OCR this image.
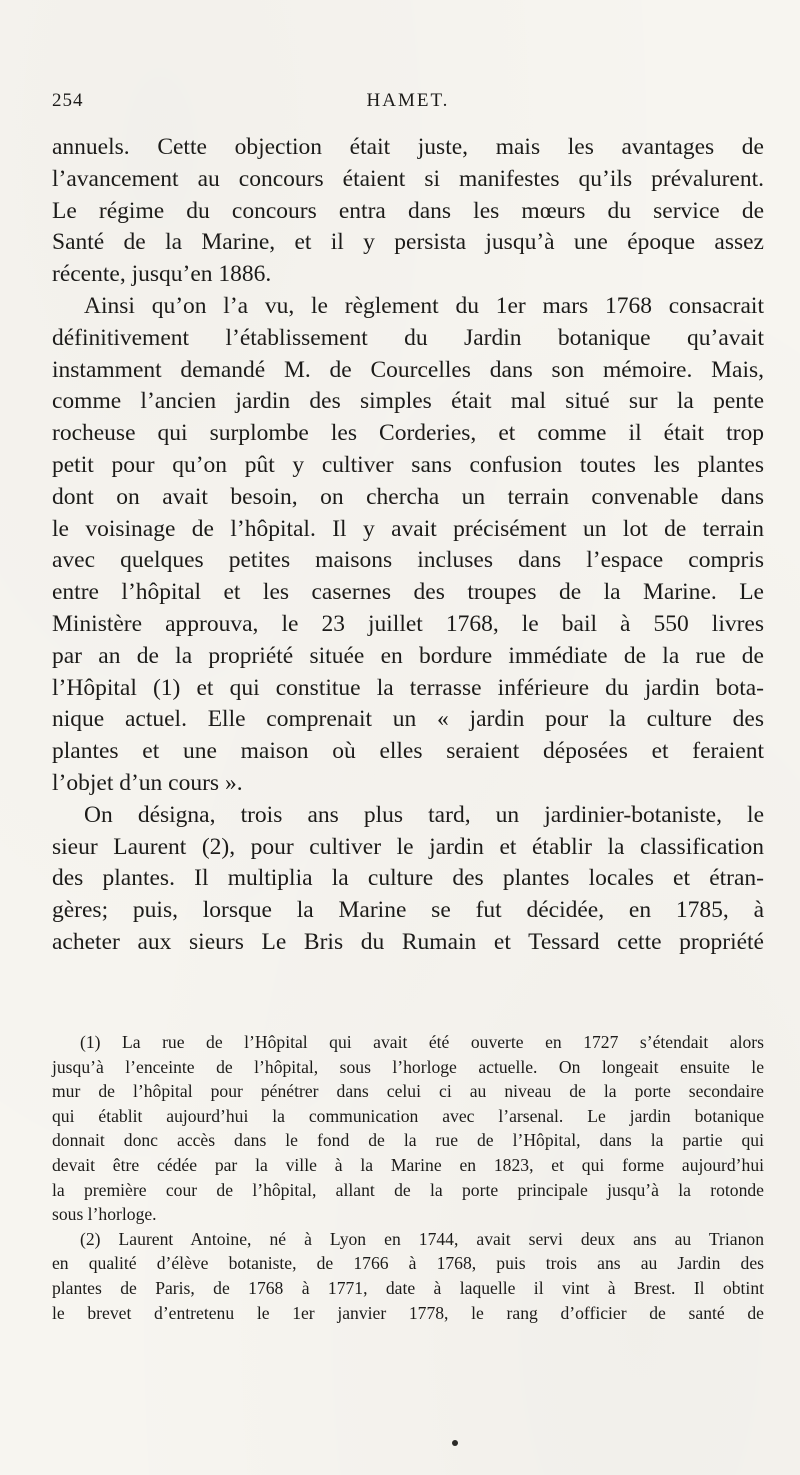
254	HAMET.
annuels. Cette objection était juste, mais les avantages de
l’avancement au concours étaient si manifestes qu’ils prévalurent.
Le régime du concours entra dans les mœurs du service de
Santé de la Marine, et il y persista jusqu’à une époque assez
récente, jusqu’en 1886.
Ainsi qu’on l’a vu, le règlement du 1er mars 1768 consacrait
définitivement l’établissement du Jardin botanique qu’avait
instamment demandé M. de Courcelles dans son mémoire. Mais,
comme l’ancien jardin des simples était mal situé sur la pente
rocheuse qui surplombe les Corderies, et comme il était trop
petit pour qu’on pût y cultiver sans confusion toutes les plantes
dont on avait besoin, on chercha un terrain convenable dans
le voisinage de l’hôpital. Il y avait précisément un lot de terrain
avec quelques petites maisons incluses dans l’espace compris
entre l’hôpital et les casernes des troupes de la Marine. Le
Ministère approuva, le 23 juillet 1768, le bail à 550 livres
par an de la propriété située en bordure immédiate de la rue de
l’Hôpital (1) et qui constitue la terrasse inférieure du jardin bota-
nique actuel. Elle comprenait un « jardin pour la culture des
plantes et une maison où elles seraient déposées et feraient
l’objet d’un cours ».
On désigna, trois ans plus tard, un jardinier-botaniste, le
sieur Laurent (2), pour cultiver le jardin et établir la classification
des plantes. Il multiplia la culture des plantes locales et étran-
gères; puis, lorsque la Marine se fut décidée, en 1785, à
acheter aux sieurs Le Bris du Rumain et Tessard cette propriété
(1) La rue de l’Hôpital qui avait été ouverte en 1727 s’étendait alors
jusqu’à l’enceinte de l’hôpital, sous l’horloge actuelle. On longeait ensuite le
mur de l’hôpital pour pénétrer dans celui ci au niveau de la porte secondaire
qui établit aujourd’hui la communication avec l’arsenal. Le jardin botanique
donnait donc accès dans le fond de la rue de l’Hôpital, dans la partie qui
devait être cédée par la ville à la Marine en 1823, et qui forme aujourd’hui
la première cour de l’hôpital, allant de la porte principale jusqu’à la rotonde
sous l’horloge.
(2) Laurent Antoine, né à Lyon en 1744, avait servi deux ans au Trianon
en qualité d’élève botaniste, de 1766 à 1768, puis trois ans au Jardin des
plantes de Paris, de 1768 à 1771, date à laquelle il vint à Brest. Il obtint
le brevet d’entretenu le 1er janvier 1778, le rang d’officier de santé de
